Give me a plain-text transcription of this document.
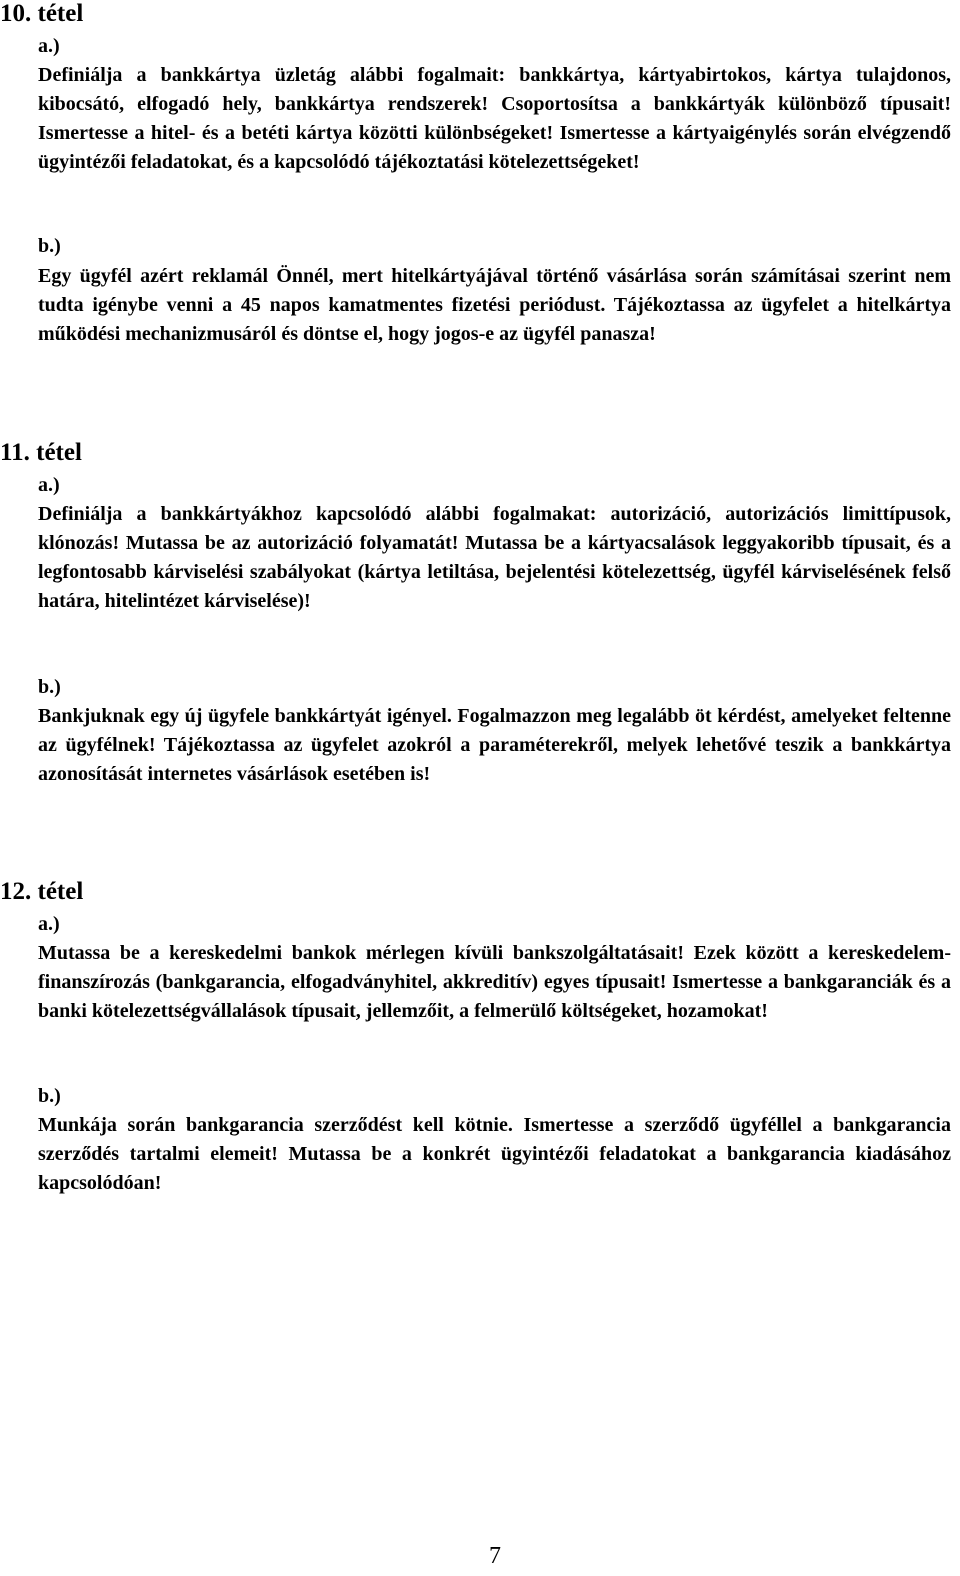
10. tétel
a.)

Definiálja a bankkártya üzletág alábbi fogalmait: bankkártya, kártyabirtokos, kártya tulajdonos, kibocsátó, elfogadó hely, bankkártya rendszerek! Csoportosítsa a bankkártyák különböző típusait! Ismertesse a hitel- és a betéti kártya közötti különbségeket! Ismertesse a kártyaigénylés során elvégzendő ügyintézői feladatokat, és a kapcsolódó tájékoztatási kötelezettségeket!

b.)

Egy ügyfél azért reklamál Önnél, mert hitelkártyájával történő vásárlása során számításai szerint nem tudta igénybe venni a 45 napos kamatmentes fizetési periódust. Tájékoztassa az ügyfelet a hitelkártya működési mechanizmusáról és döntse el, hogy jogos-e az ügyfél panasza!

11. tétel
a.)

Definiálja a bankkártyákhoz kapcsolódó alábbi fogalmakat: autorizáció, autorizációs limittípusok, klónozás! Mutassa be az autorizáció folyamatát! Mutassa be a kártyacsalások leggyakoribb típusait, és a legfontosabb kárviselési szabályokat (kártya letiltása, bejelentési kötelezettség, ügyfél kárviselésének felső határa, hitelintézet kárviselése)!

b.)

Bankjuknak egy új ügyfele bankkártyát igényel. Fogalmazzon meg legalább öt kérdést, amelyeket feltenne az ügyfélnek! Tájékoztassa az ügyfelet azokról a paraméterekről, melyek lehetővé teszik a bankkártya azonosítását internetes vásárlások esetében is!

12. tétel
a.)

Mutassa be a kereskedelmi bankok mérlegen kívüli bankszolgáltatásait! Ezek között a kereskedelem-finanszírozás (bankgarancia, elfogadványhitel, akkreditív) egyes típusait! Ismertesse a bankgaranciák és a banki kötelezettségvállalások típusait, jellemzőit, a felmerülő költségeket, hozamokat!

b.)

Munkája során bankgarancia szerződést kell kötnie. Ismertesse a szerződő ügyféllel a bankgarancia szerződés tartalmi elemeit! Mutassa be a konkrét ügyintézői feladatokat a bankgarancia kiadásához kapcsolódóan!

7
